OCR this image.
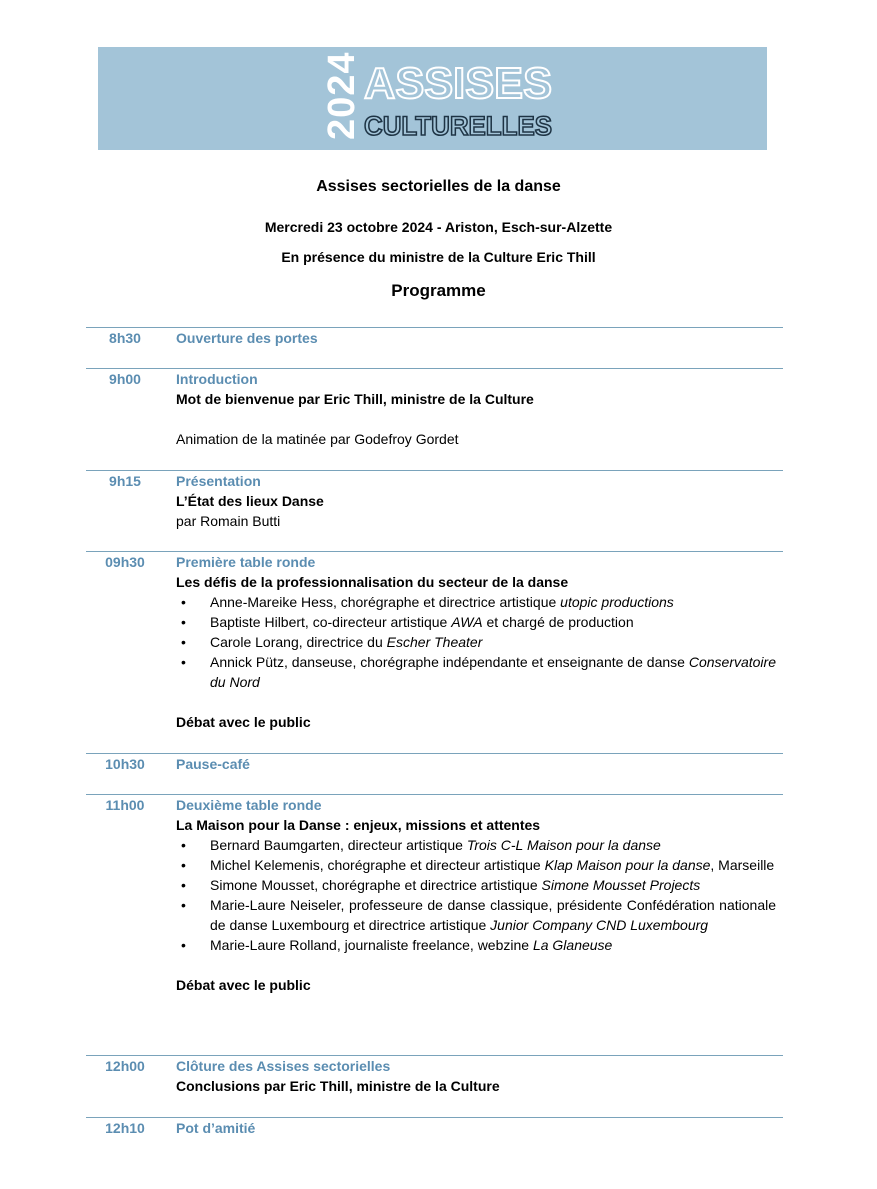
2024 ASSISES
CULTURELLES
Assises sectorielles de la danse
Mercredi 23 octobre 2024 - Ariston, Esch-sur-Alzette
En présence du ministre de la Culture Eric Thill
Programme
8h30	Ouverture des portes
9h00	Introduction
Mot de bienvenue par Eric Thill, ministre de la Culture
Animation de la matinée par Godefroy Gordet
9h15	Présentation
L’État des lieux Danse
par Romain Butti
09h30	Première table ronde
Les défis de la professionnalisation du secteur de la danse
• Anne-Mareike Hess, chorégraphe et directrice artistique utopic productions
• Baptiste Hilbert, co-directeur artistique AWA et chargé de production
• Carole Lorang, directrice du Escher Theater
• Annick Pütz, danseuse, chorégraphe indépendante et enseignante de danse Conservatoire du Nord
Débat avec le public
10h30	Pause-café
11h00	Deuxième table ronde
La Maison pour la Danse : enjeux, missions et attentes
• Bernard Baumgarten, directeur artistique Trois C-L Maison pour la danse
• Michel Kelemenis, chorégraphe et directeur artistique Klap Maison pour la danse, Marseille
• Simone Mousset, chorégraphe et directrice artistique Simone Mousset Projects
• Marie-Laure Neiseler, professeure de danse classique, présidente Confédération nationale de danse Luxembourg et directrice artistique Junior Company CND Luxembourg
• Marie-Laure Rolland, journaliste freelance, webzine La Glaneuse
Débat avec le public
12h00	Clôture des Assises sectorielles
Conclusions par Eric Thill, ministre de la Culture
12h10	Pot d’amitié
